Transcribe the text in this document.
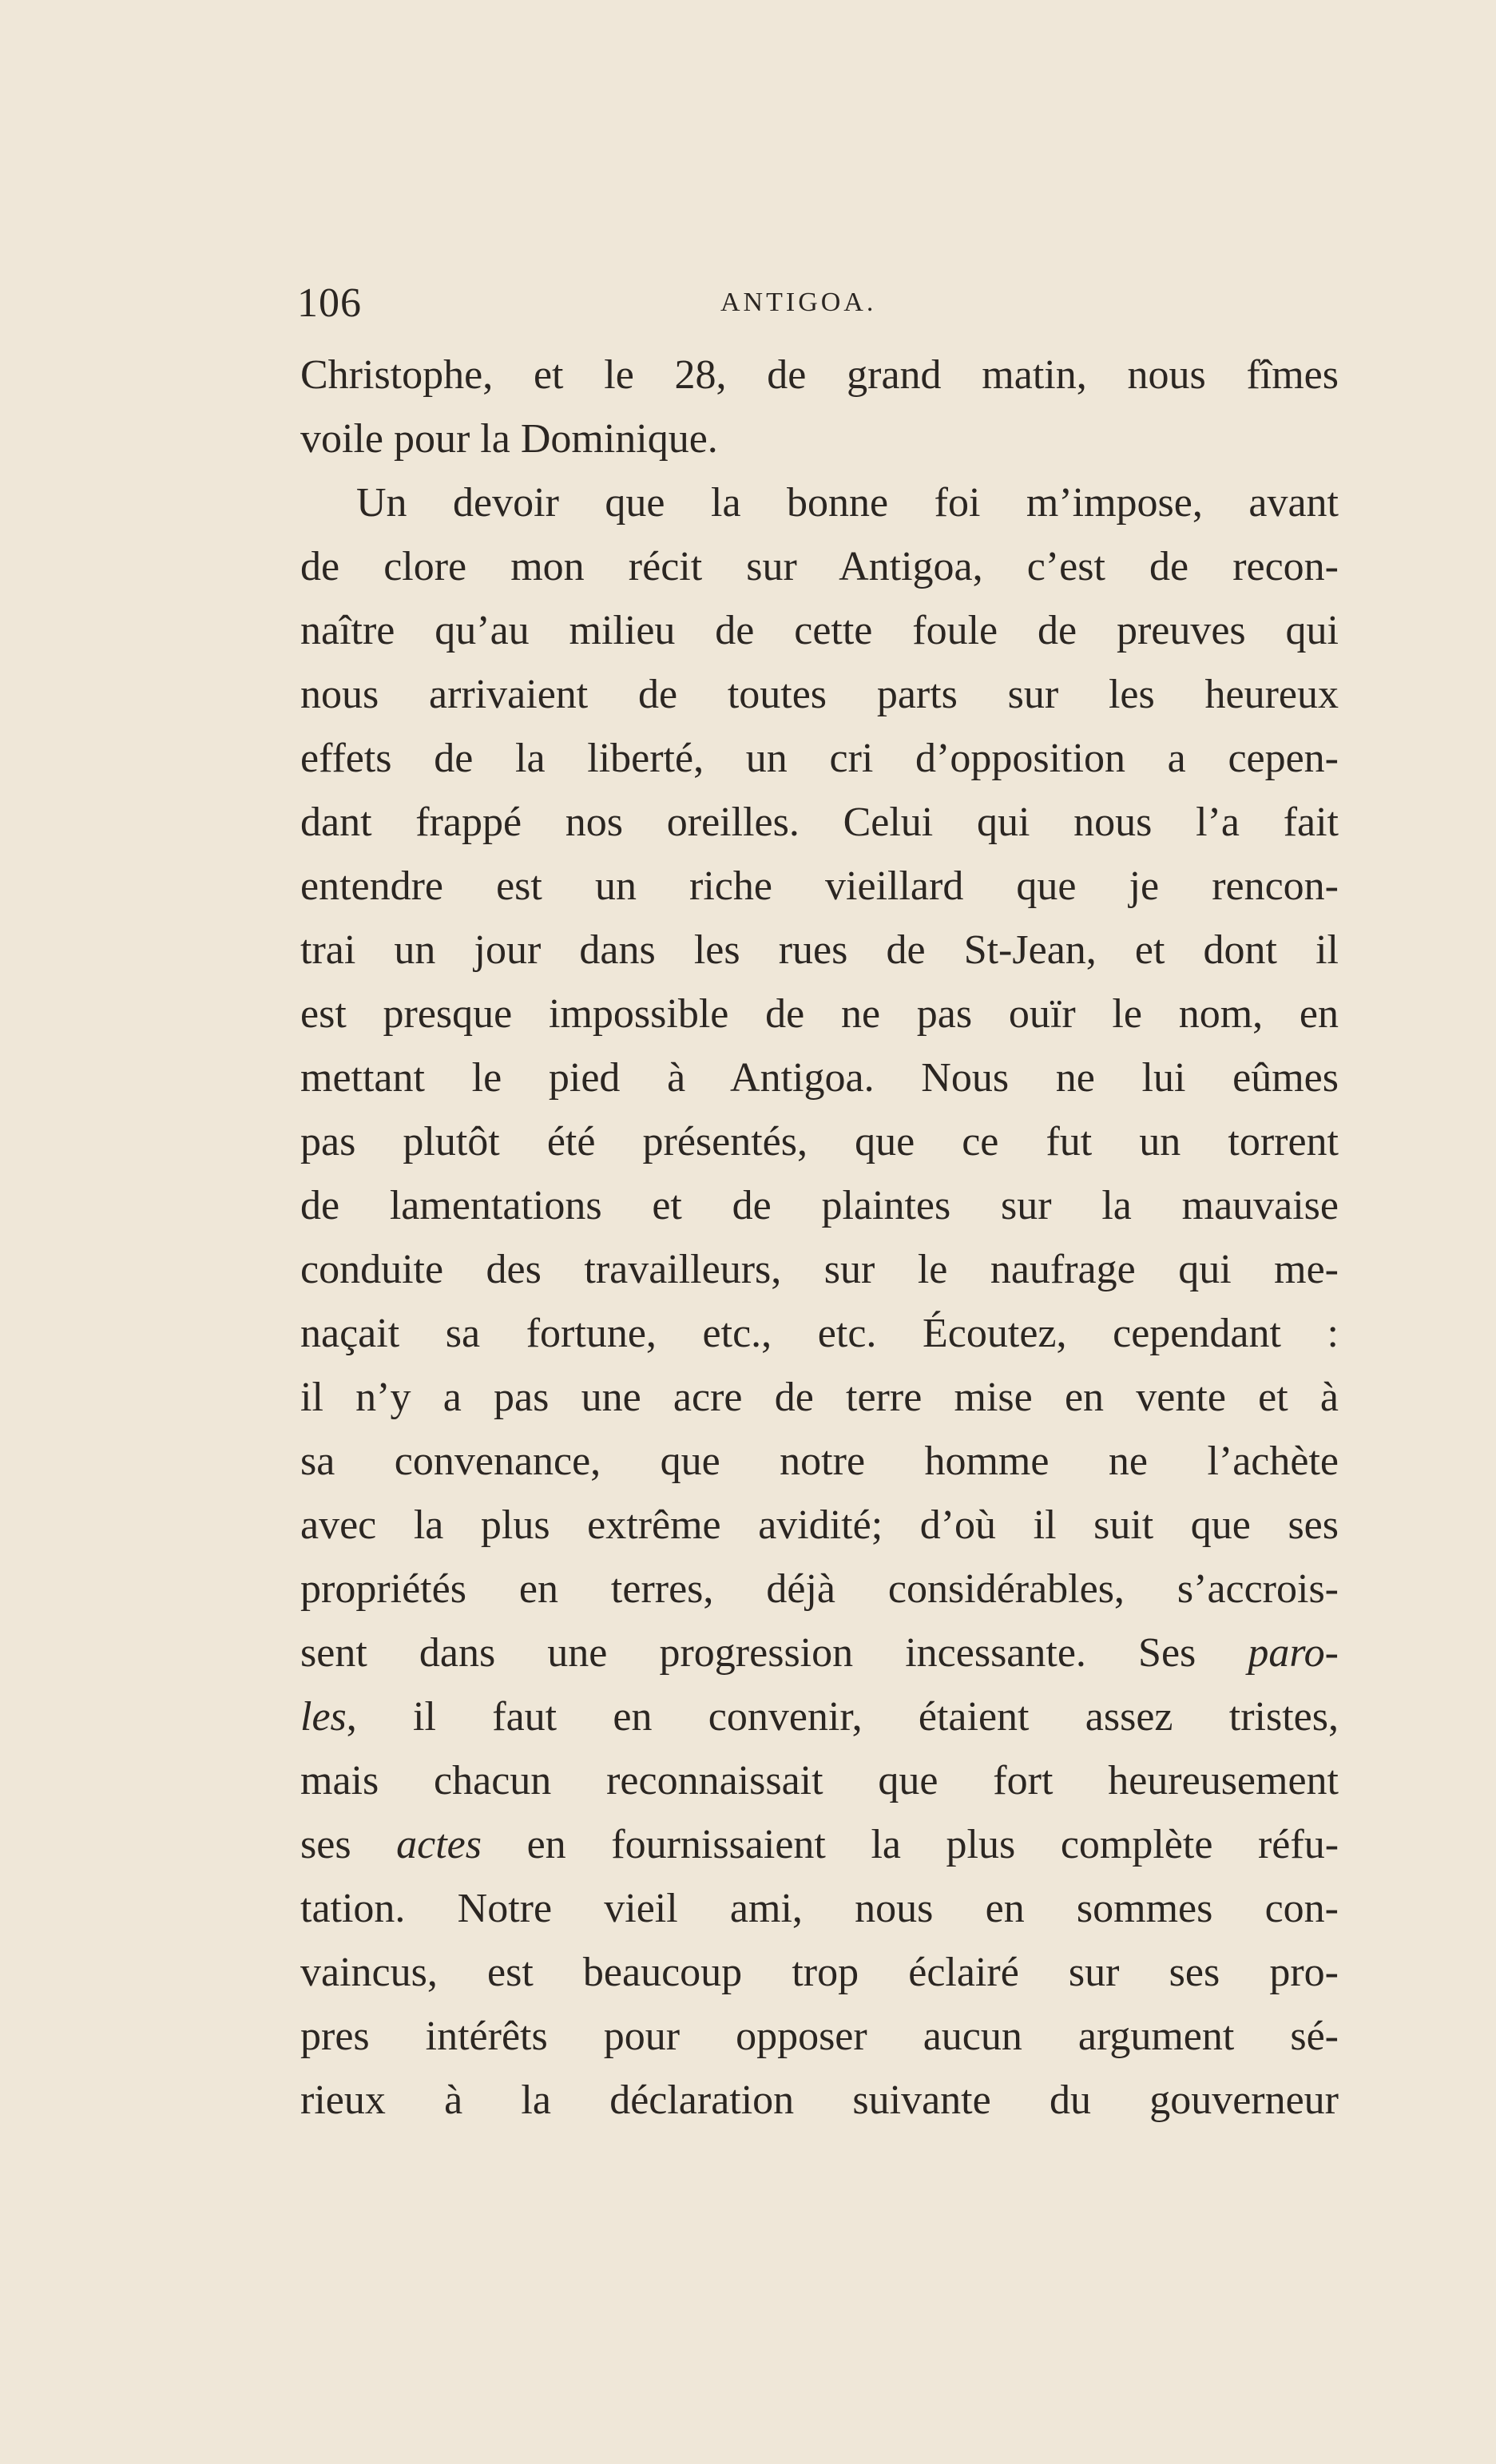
106	ANTIGOA.
Christophe, et le 28, de grand matin, nous fîmes
voile pour la Dominique.
Un devoir que la bonne foi m’impose, avant
de clore mon récit sur Antigoa, c’est de recon-
naître qu’au milieu de cette foule de preuves qui
nous arrivaient de toutes parts sur les heureux
effets de la liberté, un cri d’opposition a cepen-
dant frappé nos oreilles. Celui qui nous l’a fait
entendre est un riche vieillard que je rencon-
trai un jour dans les rues de St-Jean, et dont il
est presque impossible de ne pas ouïr le nom, en
mettant le pied à Antigoa. Nous ne lui eûmes
pas plutôt été présentés, que ce fut un torrent
de lamentations et de plaintes sur la mauvaise
conduite des travailleurs, sur le naufrage qui me-
naçait sa fortune, etc., etc. Écoutez, cependant :
il n’y a pas une acre de terre mise en vente et à
sa convenance, que notre homme ne l’achète
avec la plus extrême avidité; d’où il suit que ses
propriétés en terres, déjà considérables, s’accrois-
sent dans une progression incessante. Ses paro-
les, il faut en convenir, étaient assez tristes,
mais chacun reconnaissait que fort heureusement
ses actes en fournissaient la plus complète réfu-
tation. Notre vieil ami, nous en sommes con-
vaincus, est beaucoup trop éclairé sur ses pro-
pres intérêts pour opposer aucun argument sé-
rieux à la déclaration suivante du gouverneur
